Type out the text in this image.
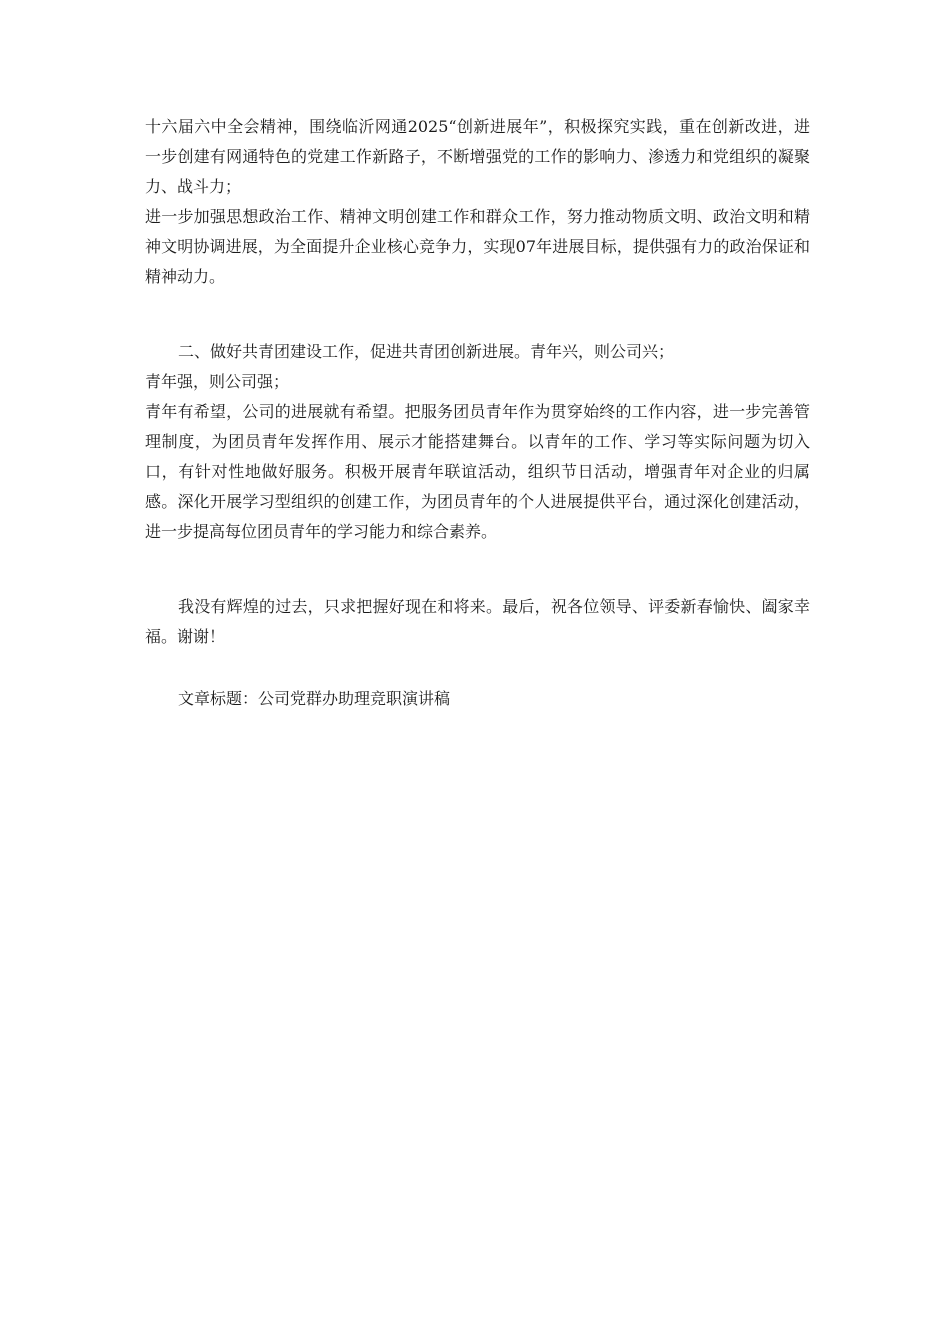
十六届六中全会精神，围绕临沂网通2025“创新进展年”，积极探究实践，重在创新改进，进一步创建有网通特色的党建工作新路子，不断增强党的工作的影响力、渗透力和党组织的凝聚力、战斗力；

进一步加强思想政治工作、精神文明创建工作和群众工作，努力推动物质文明、政治文明和精神文明协调进展，为全面提升企业核心竞争力，实现07年进展目标，提供强有力的政治保证和精神动力。

二、做好共青团建设工作，促进共青团创新进展。青年兴，则公司兴；

青年强，则公司强；

青年有希望，公司的进展就有希望。把服务团员青年作为贯穿始终的工作内容，进一步完善管理制度，为团员青年发挥作用、展示才能搭建舞台。以青年的工作、学习等实际问题为切入口，有针对性地做好服务。积极开展青年联谊活动，组织节日活动，增强青年对企业的归属感。深化开展学习型组织的创建工作，为团员青年的个人进展提供平台，通过深化创建活动，进一步提高每位团员青年的学习能力和综合素养。

我没有辉煌的过去，只求把握好现在和将来。最后，祝各位领导、评委新春愉快、阖家幸福。谢谢！

文章标题：公司党群办助理竞职演讲稿
